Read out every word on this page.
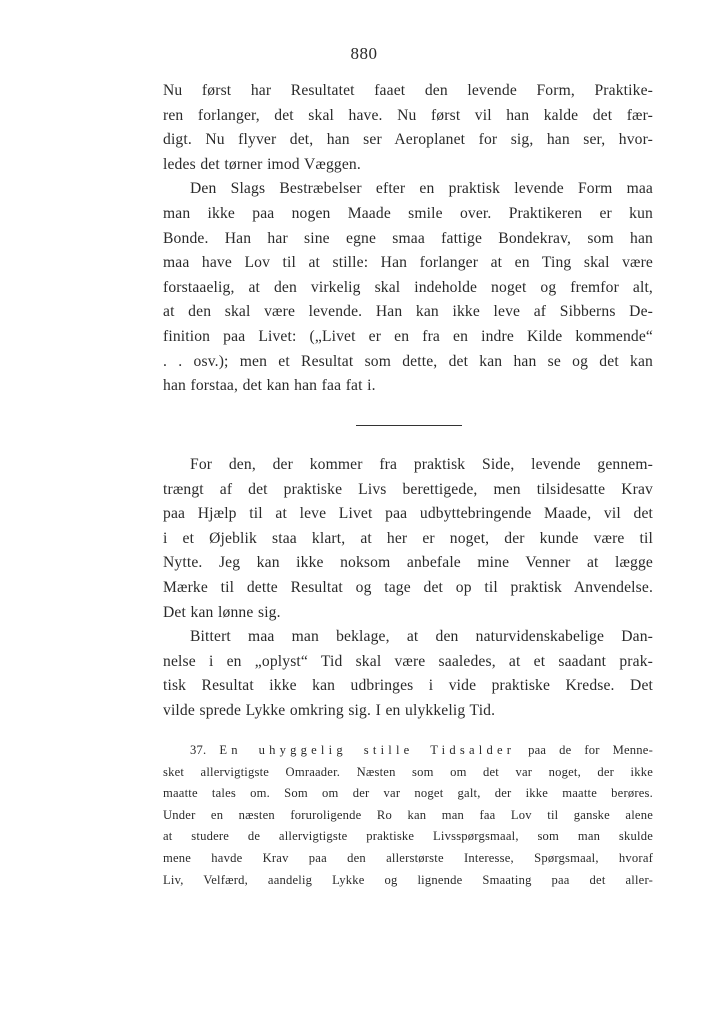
880
Nu først har Resultatet faaet den levende Form, Praktike-
ren forlanger, det skal have. Nu først vil han kalde det fær-
digt. Nu flyver det, han ser Aeroplanet for sig, han ser, hvor-
ledes det tørner imod Væggen.
Den Slags Bestræbelser efter en praktisk levende Form maa
man ikke paa nogen Maade smile over. Praktikeren er kun
Bonde. Han har sine egne smaa fattige Bondekrav, som han
maa have Lov til at stille: Han forlanger at en Ting skal være
forstaaelig, at den virkelig skal indeholde noget og fremfor alt,
at den skal være levende. Han kan ikke leve af Sibberns De-
finition paa Livet: („Livet er en fra en indre Kilde kommende“
. . osv.); men et Resultat som dette, det kan han se og det kan
han forstaa, det kan han faa fat i.
For den, der kommer fra praktisk Side, levende gennem-
trængt af det praktiske Livs berettigede, men tilsidesatte Krav
paa Hjælp til at leve Livet paa udbyttebringende Maade, vil det
i et Øjeblik staa klart, at her er noget, der kunde være til
Nytte. Jeg kan ikke noksom anbefale mine Venner at lægge
Mærke til dette Resultat og tage det op til praktisk Anvendelse.
Det kan lønne sig.
Bittert maa man beklage, at den naturvidenskabelige Dan-
nelse i en „oplyst“ Tid skal være saaledes, at et saadant prak-
tisk Resultat ikke kan udbringes i vide praktiske Kredse. Det
vilde sprede Lykke omkring sig. I en ulykkelig Tid.
37. En uhyggelig stille Tidsalder paa de for Menne-
sket allervigtigste Omraader. Næsten som om det var noget, der ikke
maatte tales om. Som om der var noget galt, der ikke maatte berøres.
Under en næsten foruroligende Ro kan man faa Lov til ganske alene
at studere de allervigtigste praktiske Livsspørgsmaal, som man skulde
mene havde Krav paa den allerstørste Interesse, Spørgsmaal, hvoraf
Liv, Velfærd, aandelig Lykke og lignende Smaating paa det aller-
